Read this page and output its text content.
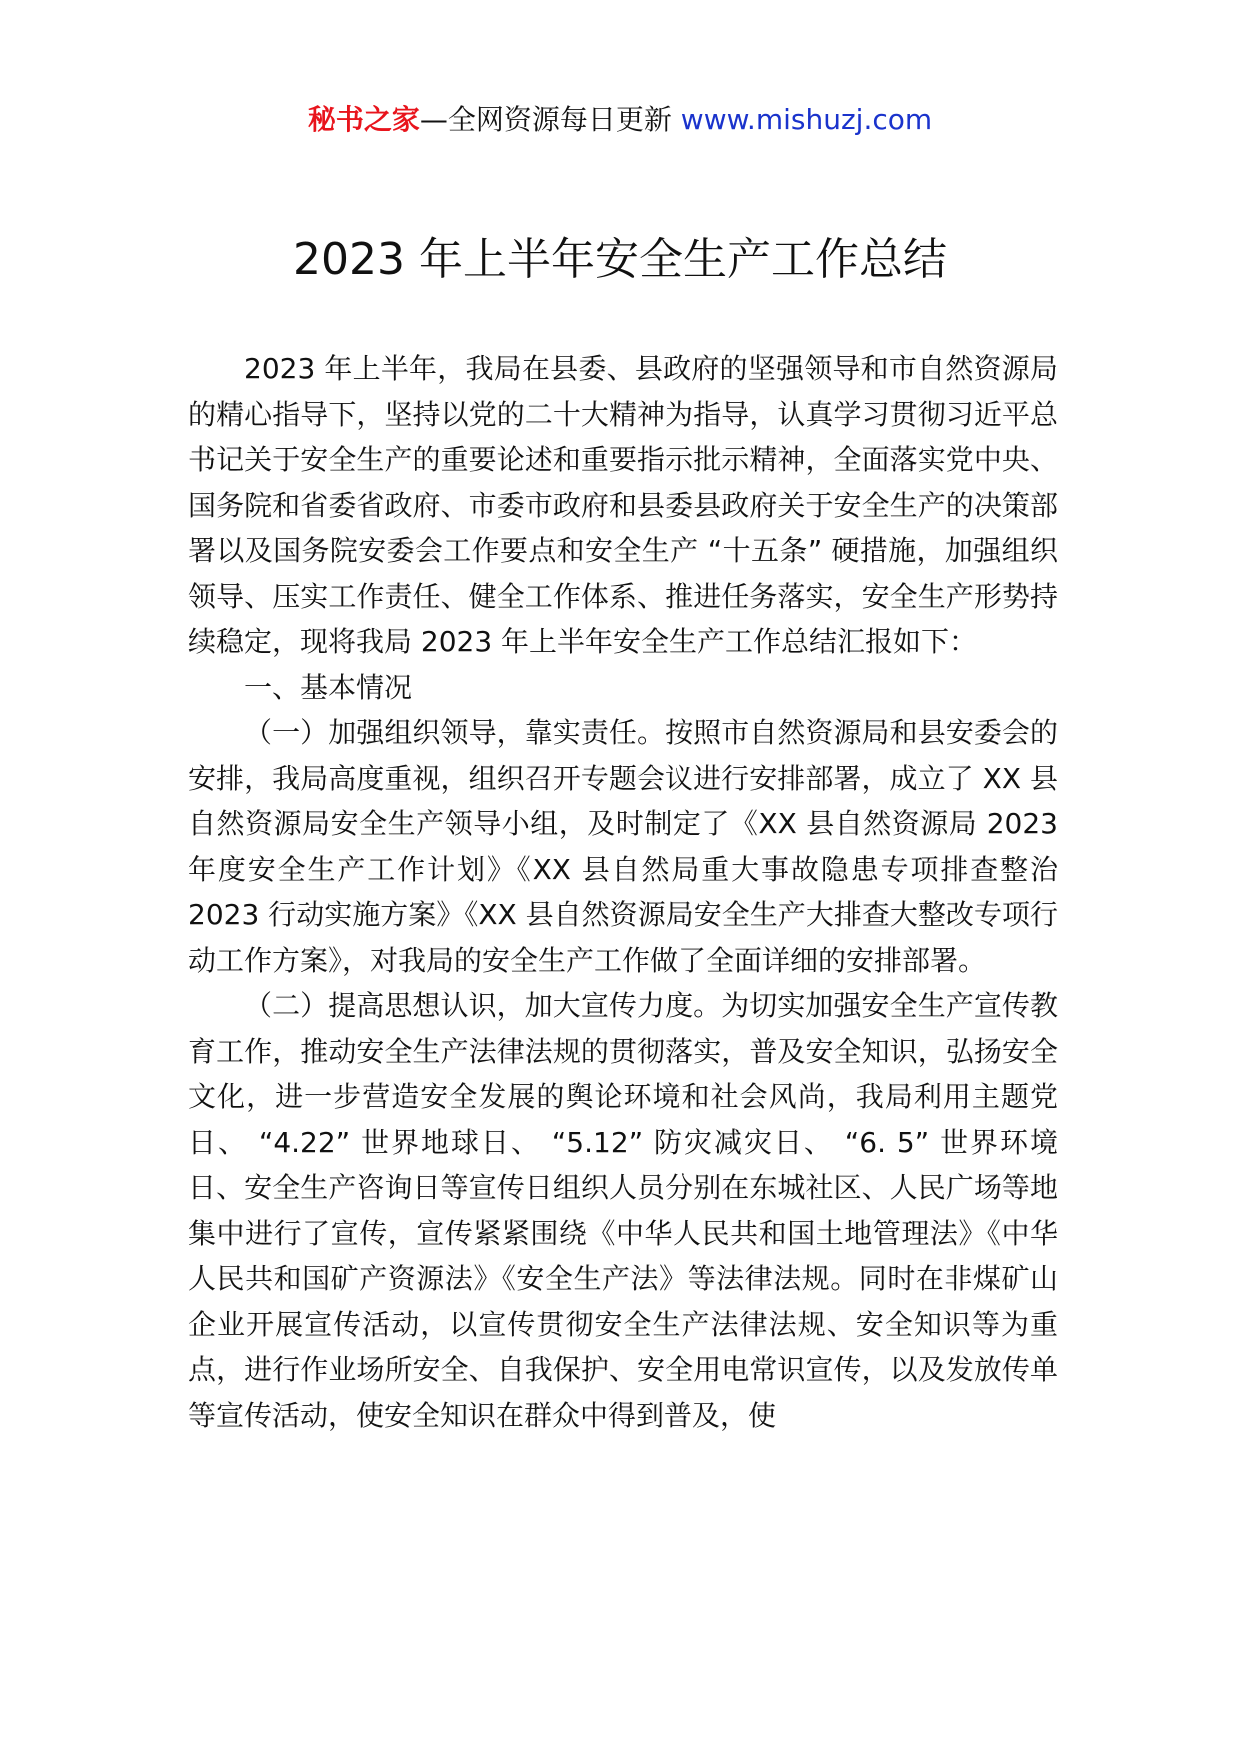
秘书之家—全网资源每日更新 www.mishuzj.com
2023 年上半年安全生产工作总结

2023 年上半年，我局在县委、县政府的坚强领导和市自然资源局的精心指导下，坚持以党的二十大精神为指导，认真学习贯彻习近平总书记关于安全生产的重要论述和重要指示批示精神，全面落实党中央、国务院和省委省政府、市委市政府和县委县政府关于安全生产的决策部署以及国务院安委会工作要点和安全生产 “十五条” 硬措施，加强组织领导、压实工作责任、健全工作体系、推进任务落实，安全生产形势持续稳定，现将我局 2023 年上半年安全生产工作总结汇报如下：

一、基本情况

（一）加强组织领导，靠实责任。按照市自然资源局和县安委会的安排，我局高度重视，组织召开专题会议进行安排部署，成立了 XX 县自然资源局安全生产领导小组，及时制定了《XX 县自然资源局 2023 年度安全生产工作计划》《XX 县自然局重大事故隐患专项排查整治 2023 行动实施方案》《XX 县自然资源局安全生产大排查大整改专项行动工作方案》，对我局的安全生产工作做了全面详细的安排部署。

（二）提高思想认识，加大宣传力度。为切实加强安全生产宣传教育工作，推动安全生产法律法规的贯彻落实，普及安全知识，弘扬安全文化，进一步营造安全发展的舆论环境和社会风尚，我局利用主题党日、 “4.22” 世界地球日、 “5.12” 防灾减灾日、 “6. 5” 世界环境日、安全生产咨询日等宣传日组织人员分别在东城社区、人民广场等地集中进行了宣传，宣传紧紧围绕《中华人民共和国土地管理法》《中华人民共和国矿产资源法》《安全生产法》等法律法规。同时在非煤矿山企业开展宣传活动，以宣传贯彻安全生产法律法规、安全知识等为重点，进行作业场所安全、自我保护、安全用电常识宣传，以及发放传单等宣传活动，使安全知识在群众中得到普及，使
